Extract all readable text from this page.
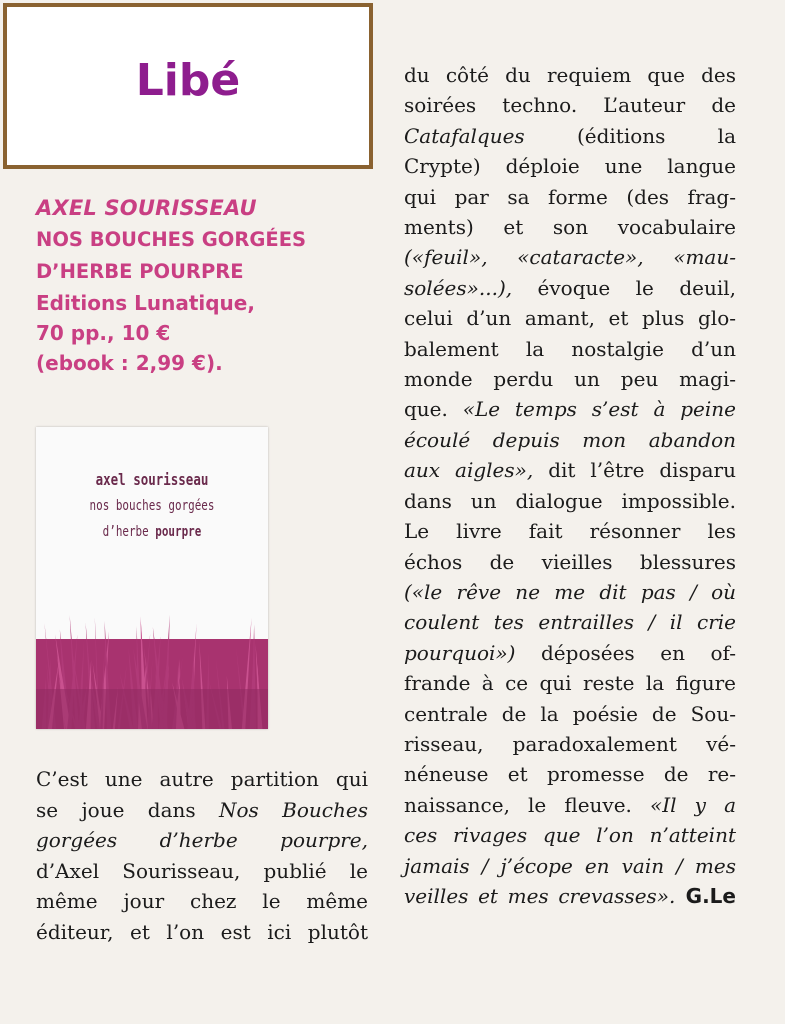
Libé
AXEL SOURISSEAU
NOS BOUCHES GORGÉES
D’HERBE POURPRE
Editions Lunatique,
70 pp., 10 €
(ebook : 2,99 €).
axel sourisseau
nos bouches gorgées
d’herbe pourpre
C’est une autre partition qui
se joue dans Nos Bouches
gorgées d’herbe pourpre,
d’Axel Sourisseau, publié le
même jour chez le même
éditeur, et l’on est ici plutôt
du côté du requiem que des
soirées techno. L’auteur de
Catafalques (éditions la
Crypte) déploie une langue
qui par sa forme (des frag-
ments) et son vocabulaire
(«feuil», «cataracte», «mau-
solées»...), évoque le deuil,
celui d’un amant, et plus glo-
balement la nostalgie d’un
monde perdu un peu magi-
que. «Le temps s’est à peine
écoulé depuis mon abandon
aux aigles», dit l’être disparu
dans un dialogue impossible.
Le livre fait résonner les
échos de vieilles blessures
(«le rêve ne me dit pas / où
coulent tes entrailles / il crie
pourquoi») déposées en of-
frande à ce qui reste la figure
centrale de la poésie de Sou-
risseau, paradoxalement vé-
néneuse et promesse de re-
naissance, le fleuve. «Il y a
ces rivages que l’on n’atteint
jamais / j’écope en vain / mes
veilles et mes crevasses». G.Le
